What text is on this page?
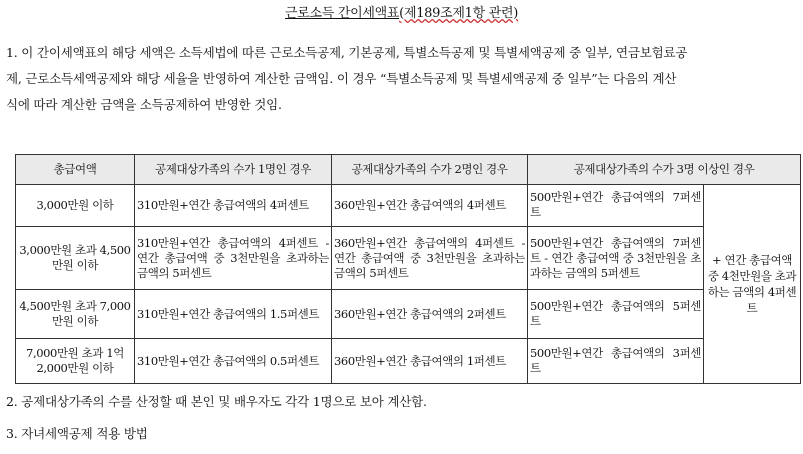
근로소득 간이세액표(제189조제1항 관련)
1. 이 간이세액표의 해당 세액은 소득세법에 따른 근로소득공제, 기본공제, 특별소득공제 및 특별세액공제 중 일부, 연금보험료공
제, 근로소득세액공제와 해당 세율을 반영하여 계산한 금액임. 이 경우 “특별소득공제 및 특별세액공제 중 일부”는 다음의 계산
식에 따라 계산한 금액을 소득공제하여 반영한 것임.
총급여액	공제대상가족의 수가 1명인 경우	공제대상가족의 수가 2명인 경우	공제대상가족의 수가 3명 이상인 경우	
3,000만원 이하	310만원+연간 총급여액의 4퍼센트	360만원+연간 총급여액의 4퍼센트	500만원+연간 총급여액의 7퍼센트	+ 연간 총급여액 중 4천만원을 초과하는 금액의 4퍼센트
3,000만원 초과 4,500만원 이하	310만원+연간 총급여액의 4퍼센트 - 연간 총급여액 중 3천만원을 초과하는 금액의 5퍼센트	360만원+연간 총급여액의 4퍼센트 - 연간 총급여액 중 3천만원을 초과하는 금액의 5퍼센트	500만원+연간 총급여액의 7퍼센트 - 연간 총급여액 중 3천만원을 초과하는 금액의 5퍼센트	
4,500만원 초과 7,000만원 이하	310만원+연간 총급여액의 1.5퍼센트	360만원+연간 총급여액의 2퍼센트	500만원+연간 총급여액의 5퍼센트	
7,000만원 초과 1억 2,000만원 이하	310만원+연간 총급여액의 0.5퍼센트	360만원+연간 총급여액의 1퍼센트	500만원+연간 총급여액의 3퍼센트	
2. 공제대상가족의 수를 산정할 때 본인 및 배우자도 각각 1명으로 보아 계산함.
3. 자녀세액공제 적용 방법
